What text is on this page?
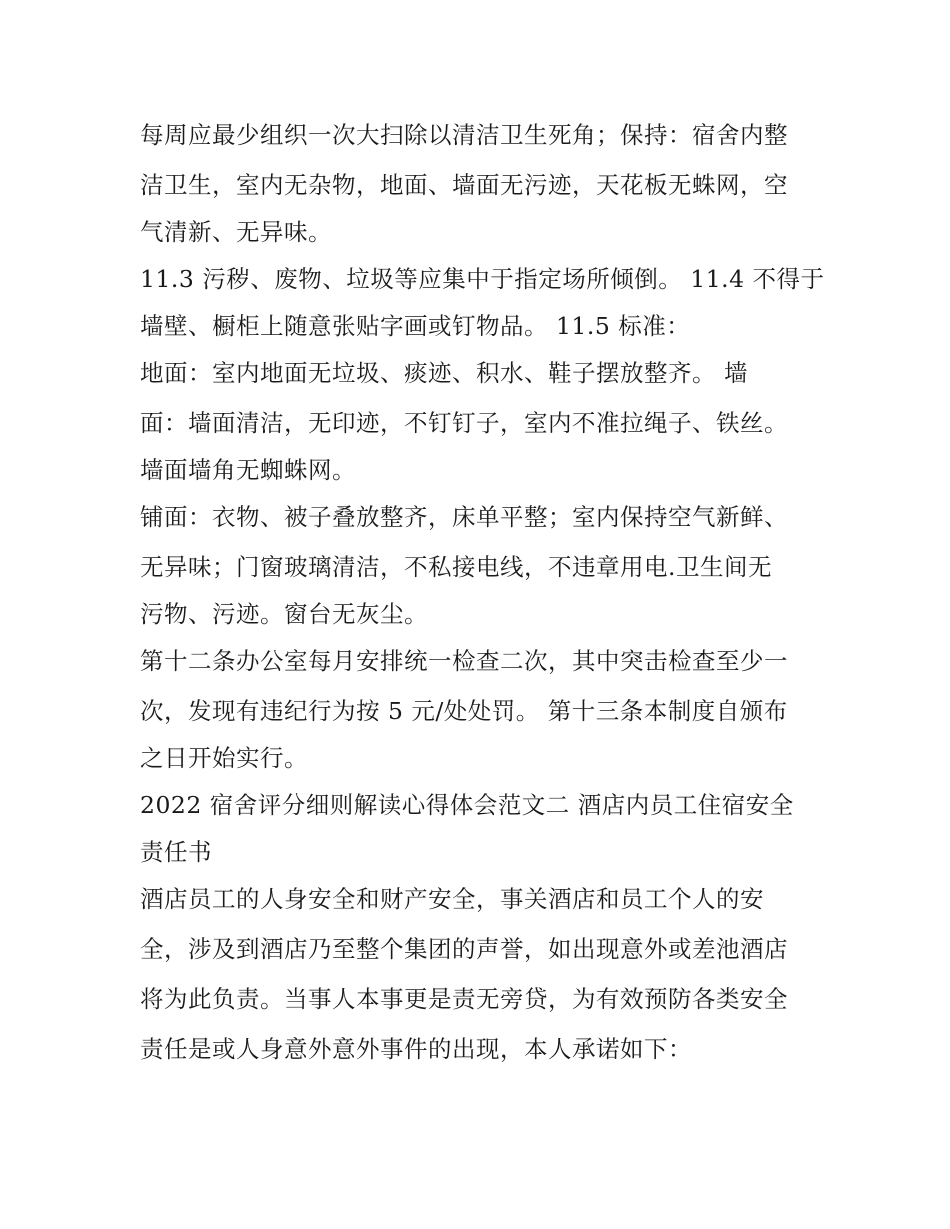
每周应最少组织一次大扫除以清洁卫生死角；保持：宿舍内整
洁卫生，室内无杂物，地面、墙面无污迹，天花板无蛛网，空
气清新、无异味。
11.3 污秽、废物、垃圾等应集中于指定场所倾倒。 11.4 不得于
墙壁、橱柜上随意张贴字画或钉物品。 11.5 标准：
地面：室内地面无垃圾、痰迹、积水、鞋子摆放整齐。 墙
面：墙面清洁，无印迹，不钉钉子，室内不准拉绳子、铁丝。
墙面墙角无蜘蛛网。
铺面：衣物、被子叠放整齐，床单平整；室内保持空气新鲜、
无异味；门窗玻璃清洁，不私接电线，不违章用电.卫生间无
污物、污迹。窗台无灰尘。
第十二条办公室每月安排统一检查二次，其中突击检查至少一
次，发现有违纪行为按 5 元/处处罚。 第十三条本制度自颁布
之日开始实行。
2022 宿舍评分细则解读心得体会范文二 酒店内员工住宿安全
责任书
酒店员工的人身安全和财产安全，事关酒店和员工个人的安
全，涉及到酒店乃至整个集团的声誉，如出现意外或差池酒店
将为此负责。当事人本事更是责无旁贷，为有效预防各类安全
责任是或人身意外意外事件的出现，本人承诺如下：
